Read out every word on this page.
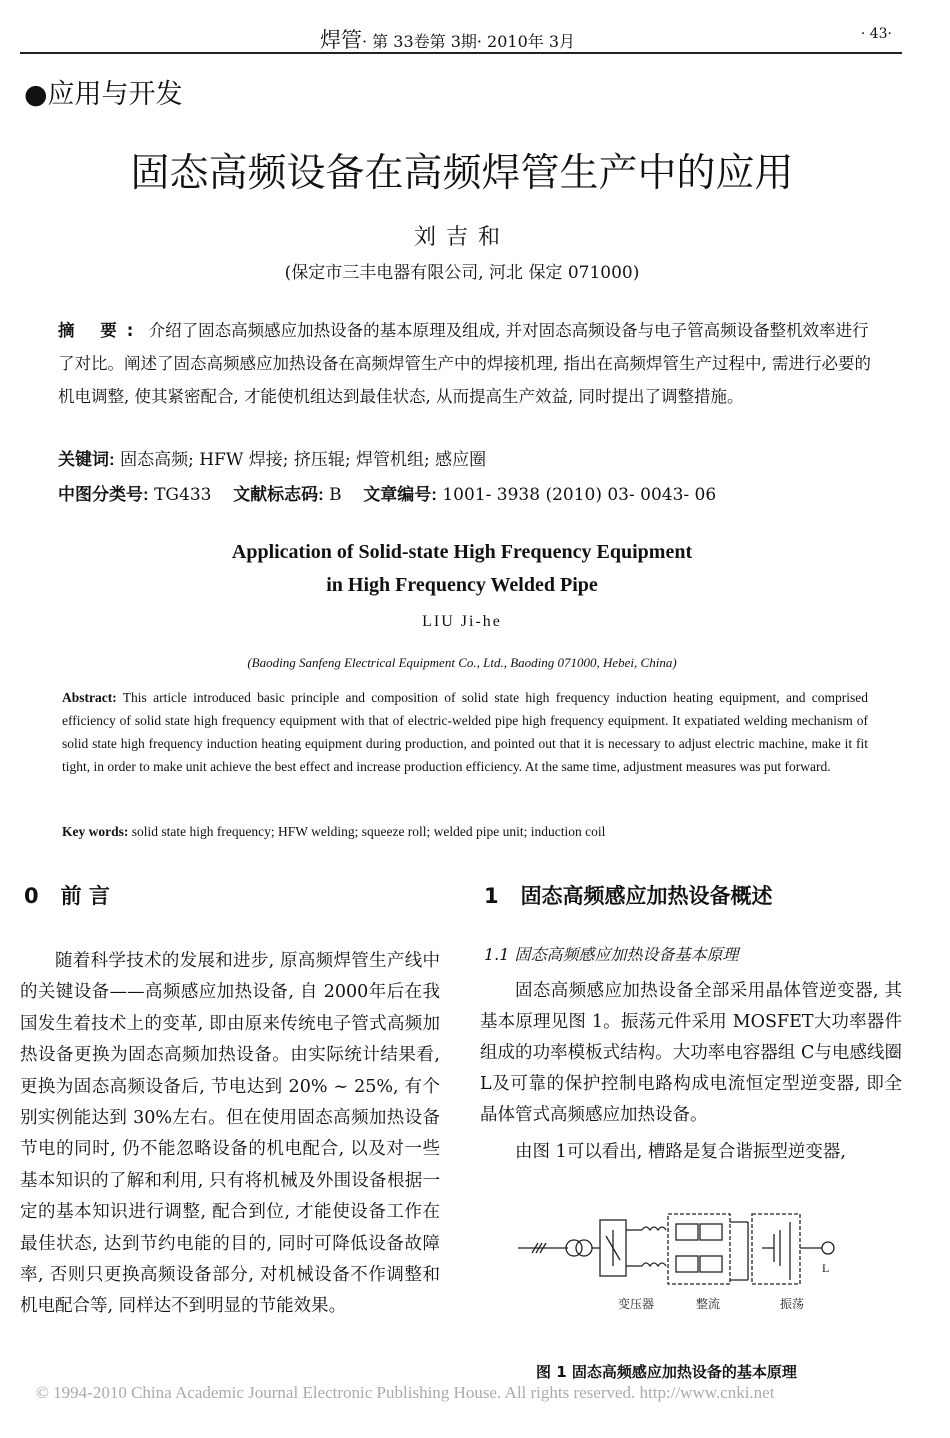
焊管· 第 33卷第 3期· 2010年 3月	· 43·
●应用与开发
固态高频设备在高频焊管生产中的应用
刘吉和
(保定市三丰电器有限公司, 河北 保定 071000)
摘 要: 介绍了固态高频感应加热设备的基本原理及组成, 并对固态高频设备与电子管高频设备整机效率进行了对比。阐述了固态高频感应加热设备在高频焊管生产中的焊接机理, 指出在高频焊管生产过程中, 需进行必要的机电调整, 使其紧密配合, 才能使机组达到最佳状态, 从而提高生产效益, 同时提出了调整措施。
关键词: 固态高频; HFW 焊接; 挤压辊; 焊管机组; 感应圈
中图分类号: TG433 文献标志码: B 文章编号: 1001- 3938 (2010) 03- 0043- 06
Application of Solid-state High Frequency Equipment
in High Frequency Welded Pipe
LIU Ji-he
(Baoding Sanfeng Electrical Equipment Co., Ltd., Baoding 071000, Hebei, China)
Abstract: This article introduced basic principle and composition of solid state high frequency induction heating equipment, and comprised efficiency of solid state high frequency equipment with that of electric-welded pipe high frequency equipment. It expatiated welding mechanism of solid state high frequency induction heating equipment during production, and pointed out that it is necessary to adjust electric machine, make it fit tight, in order to make unit achieve the best effect and increase production efficiency. At the same time, adjustment measures was put forward.
Key words: solid state high frequency; HFW welding; squeeze roll; welded pipe unit; induction coil
0 前 言	1 固态高频感应加热设备概述

随着科学技术的发展和进步, 原高频焊管生产线中的关键设备——高频感应加热设备, 自 2000年后在我国发生着技术上的变革, 即由原来传统电子管式高频加热设备更换为固态高频加热设备。由实际统计结果看, 更换为固态高频设备后, 节电达到 20% ~ 25%, 有个别实例能达到 30%左右。但在使用固态高频加热设备节电的同时, 仍不能忽略设备的机电配合, 以及对一些基本知识的了解和利用, 只有将机械及外围设备根据一定的基本知识进行调整, 配合到位, 才能使设备工作在最佳状态, 达到节约电能的目的, 同时可降低设备故障率, 否则只更换高频设备部分, 对机械设备不作调整和机电配合等, 同样达不到明显的节能效果。

1.1 固态高频感应加热设备基本原理

固态高频感应加热设备全部采用晶体管逆变器, 其基本原理见图 1。振荡元件采用 MOSFET大功率器件组成的功率模板式结构。大功率电容器组 C与电感线圈 L及可靠的保护控制电路构成电流恒定型逆变器, 即全晶体管式高频感应加热设备。

由图 1可以看出, 槽路是复合谐振型逆变器,

L
变压器	整流	振荡
图 1 固态高频感应加热设备的基本原理
© 1994-2010 China Academic Journal Electronic Publishing House. All rights reserved. http://www.cnki.net
